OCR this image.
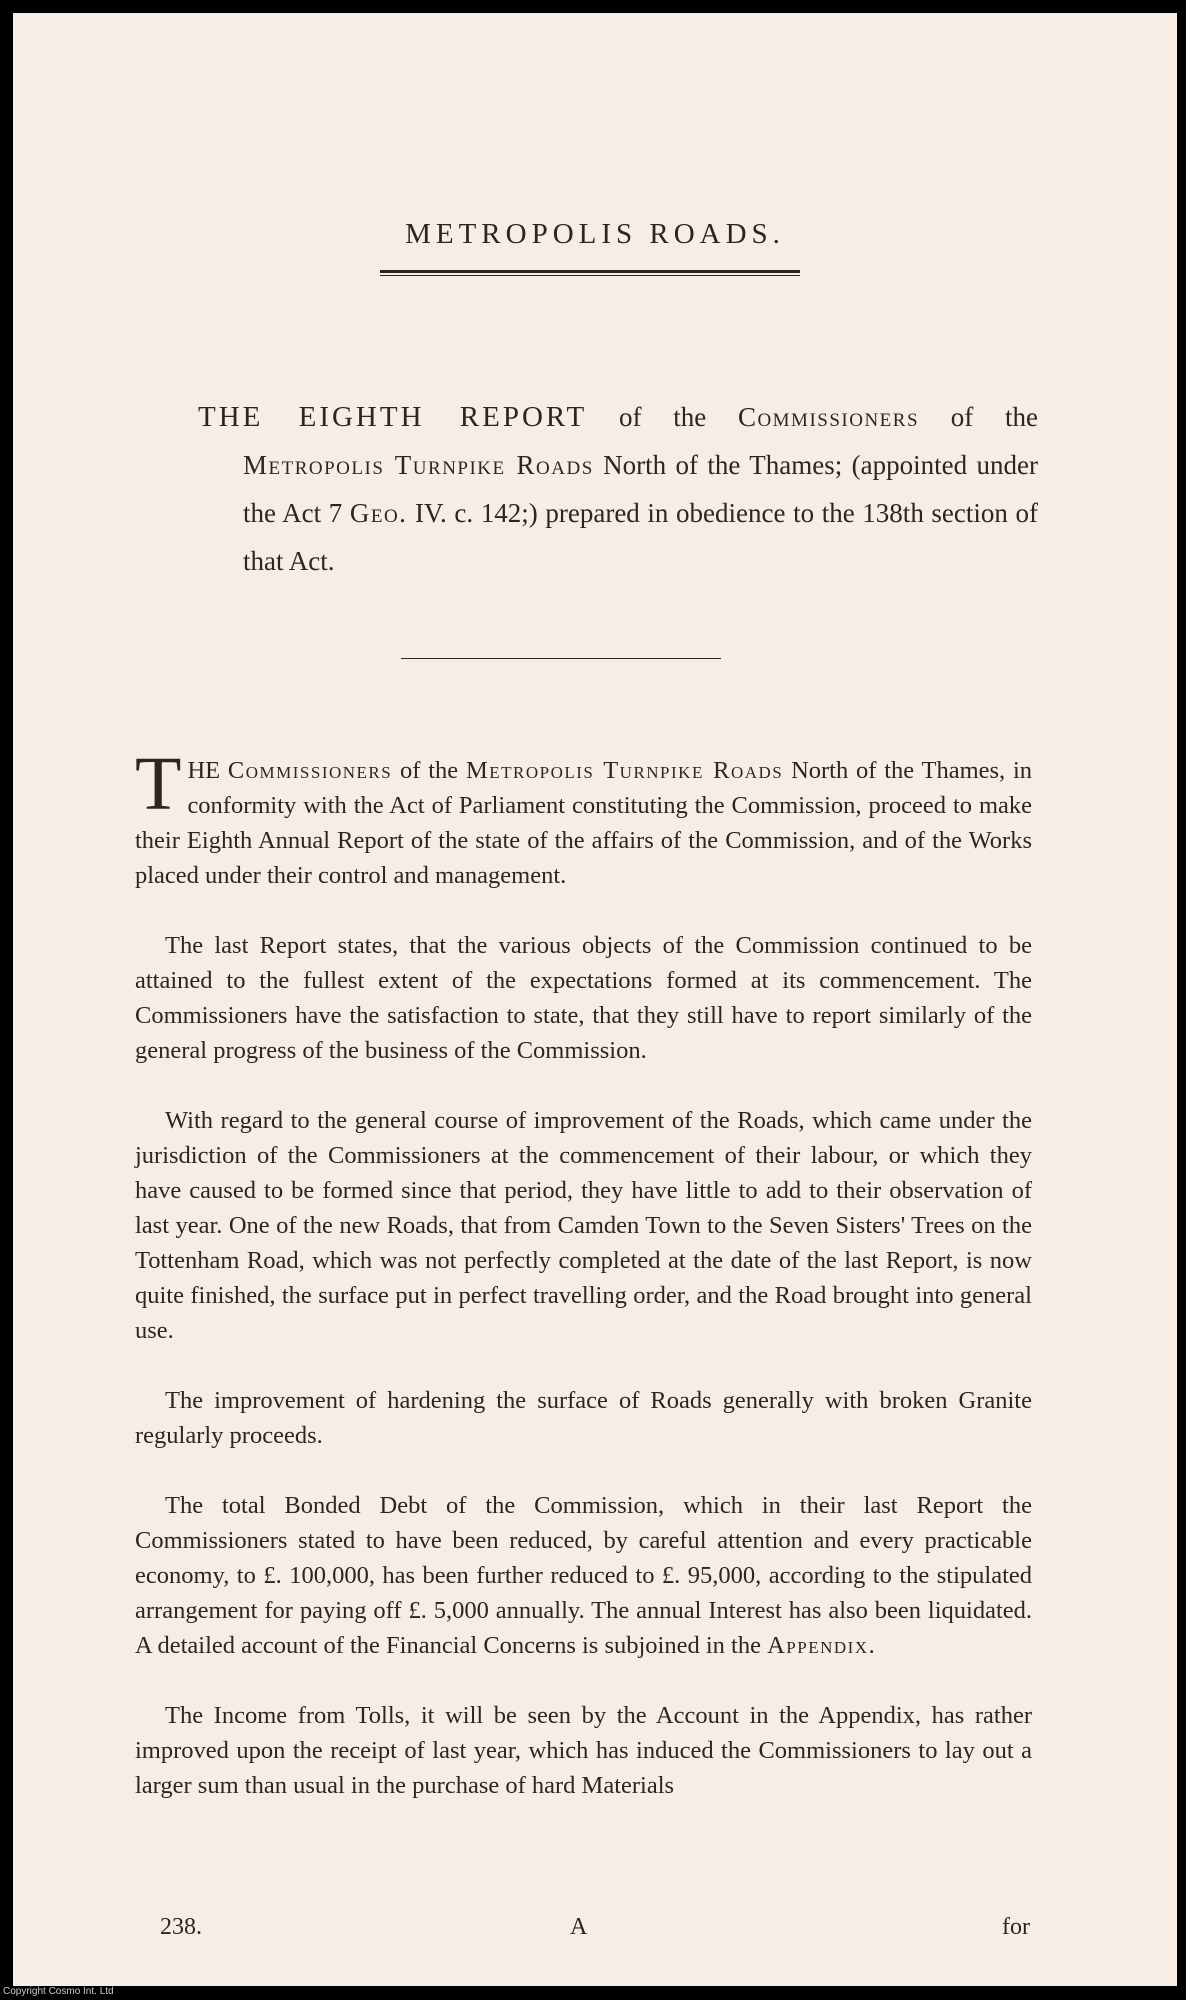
METROPOLIS ROADS.
THE EIGHTH REPORT of the Commissioners of the
Metropolis Turnpike Roads North of the Thames; (appointed under the Act 7 Geo. IV. c. 142;) prepared in obedience to the 138th section of that Act.

THE Commissioners of the Metropolis Turnpike Roads North of the Thames, in conformity with the Act of Parliament constituting the Commission, proceed to make their Eighth Annual Report of the state of the affairs of the Commission, and of the Works placed under their control and management.

The last Report states, that the various objects of the Commission continued to be attained to the fullest extent of the expectations formed at its commencement. The Commissioners have the satisfaction to state, that they still have to report similarly of the general progress of the business of the Commission.

With regard to the general course of improvement of the Roads, which came under the jurisdiction of the Commissioners at the commencement of their labour, or which they have caused to be formed since that period, they have little to add to their observation of last year. One of the new Roads, that from Camden Town to the Seven Sisters' Trees on the Tottenham Road, which was not perfectly completed at the date of the last Report, is now quite finished, the surface put in perfect travelling order, and the Road brought into general use.

The improvement of hardening the surface of Roads generally with broken Granite regularly proceeds.

The total Bonded Debt of the Commission, which in their last Report the Commissioners stated to have been reduced, by careful attention and every practicable economy, to £. 100,000, has been further reduced to £. 95,000, according to the stipulated arrangement for paying off £. 5,000 annually. The annual Interest has also been liquidated. A detailed account of the Financial Concerns is subjoined in the Appendix.

The Income from Tolls, it will be seen by the Account in the Appendix, has rather improved upon the receipt of last year, which has induced the Commissioners to lay out a larger sum than usual in the purchase of hard Materials

238.	A	for
Copyright Cosmo Int. Ltd
